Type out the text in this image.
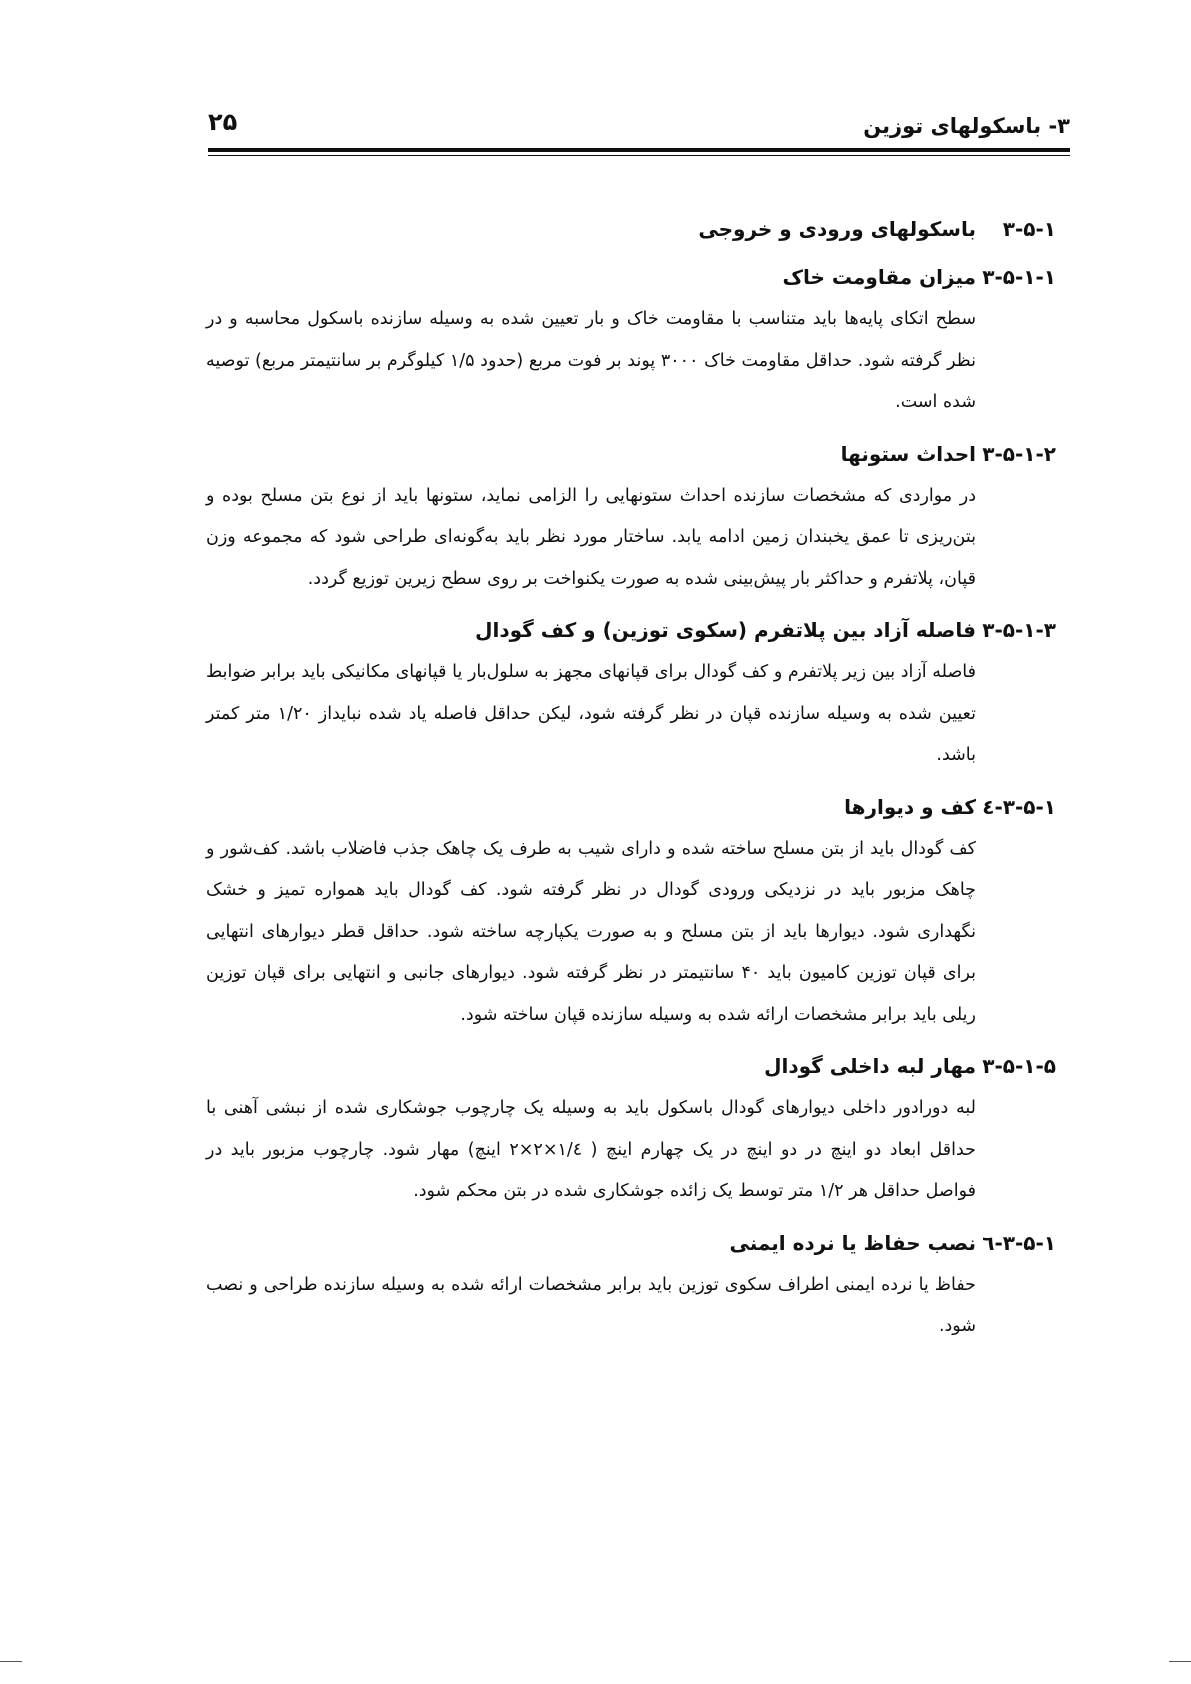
۳- باسکولهای توزین
۲۵
۳-۵-۱
باسکولهای ورودی و خروجی
۳-۵-۱-۱
میزان مقاومت خاک

سطح اتکای پایه‌ها باید متناسب با مقاومت خاک و بار تعیین شده به وسیله سازنده باسکول محاسبه و در نظر گرفته شود. حداقل مقاومت خاک ۳۰۰۰ پوند بر فوت مربع (حدود ۱/۵ کیلوگرم بر سانتیمتر مربع) توصیه شده است.

۳-۵-۱-۲
احداث ستونها

در مواردی که مشخصات سازنده احداث ستونهایی را الزامی نماید، ستونها باید از نوع بتن مسلح بوده و بتن‌ریزی تا عمق یخبندان زمین ادامه یابد. ساختار مورد نظر باید به‌گونه‌ای طراحی شود که مجموعه وزن قپان، پلاتفرم و حداکثر بار پیش‌بینی شده به صورت یکنواخت بر روی سطح زیرین توزیع گردد.

۳-۵-۱-۳
فاصله آزاد بین پلاتفرم (سکوی توزین) و کف گودال

فاصله آزاد بین زیر پلاتفرم و کف گودال برای قپانهای مجهز به سلول‌بار یا قپانهای مکانیکی باید برابر ضوابط تعیین شده به وسیله سازنده قپان در نظر گرفته شود، لیکن حداقل فاصله یاد شده نبایداز ۱/۲۰ متر کمتر باشد.

۳-۵-۱-٤
کف و دیوارها

کف گودال باید از بتن مسلح ساخته شده و دارای شیب به طرف یک چاهک جذب فاضلاب باشد. کف‌شور و چاهک مزبور باید در نزدیکی ورودی گودال در نظر گرفته شود. کف گودال باید همواره تمیز و خشک نگهداری شود. دیوارها باید از بتن مسلح و به صورت یکپارچه ساخته شود. حداقل قطر دیوارهای انتهایی برای قپان توزین کامیون باید ۴۰ سانتیمتر در نظر گرفته شود. دیوارهای جانبی و انتهایی برای قپان توزین ریلی باید برابر مشخصات ارائه شده به وسیله سازنده قپان ساخته شود.

۳-۵-۱-۵
مهار لبه داخلی گودال

لبه دورادور داخلی دیوارهای گودال باسکول باید به وسیله یک چارچوب جوشکاری شده از نبشی آهنی با حداقل ابعاد دو اینچ در دو اینچ در یک چهارم اینچ ( ۱/٤×۲×۲ اینچ) مهار شود. چارچوب مزبور باید در فواصل حداقل هر ۱/۲ متر توسط یک زائده جوشکاری شده در بتن محکم شود.

۳-۵-۱-٦
نصب حفاظ یا نرده ایمنی

حفاظ یا نرده ایمنی اطراف سکوی توزین باید برابر مشخصات ارائه شده به وسیله سازنده طراحی و نصب شود.
